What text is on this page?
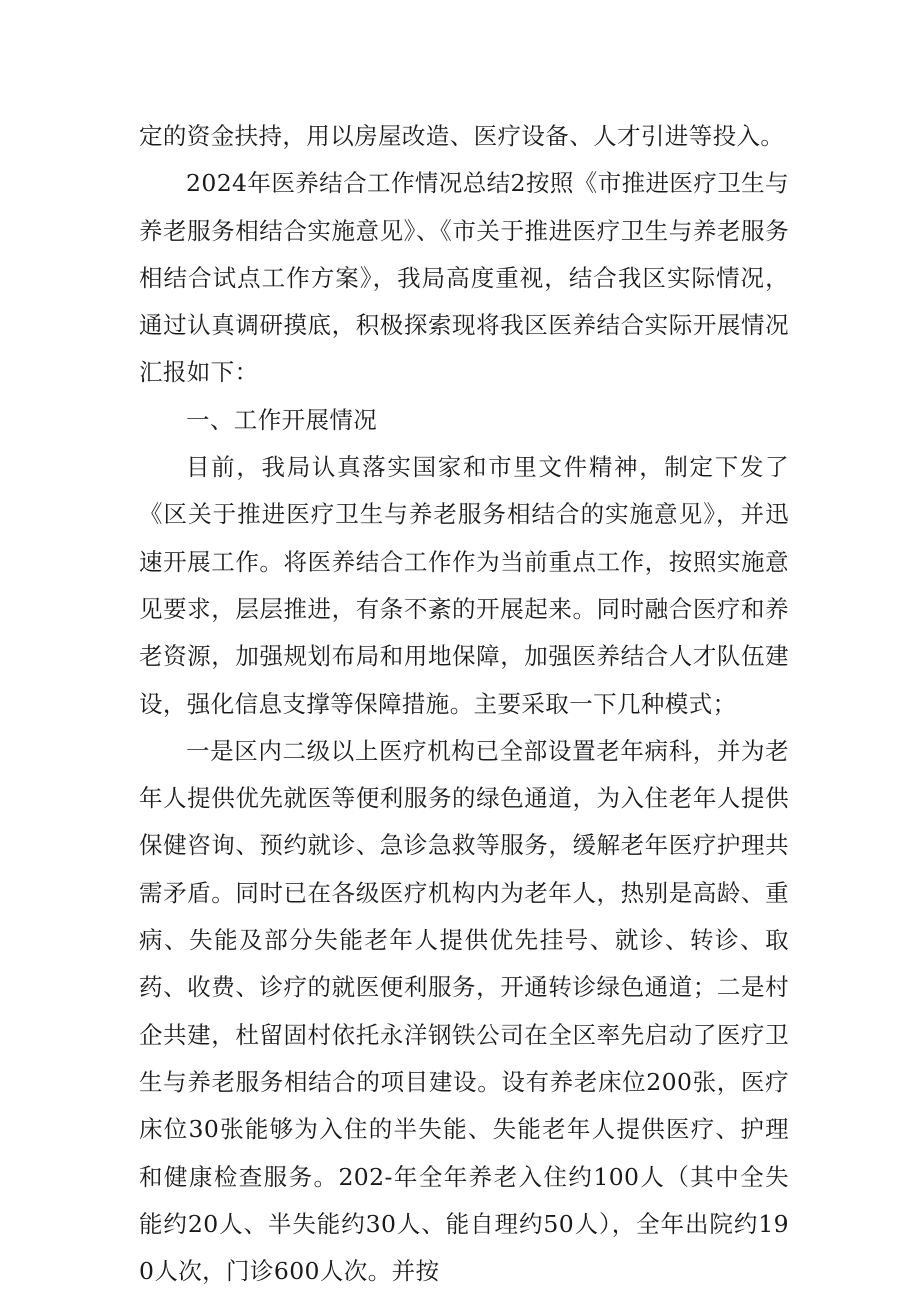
定的资金扶持，用以房屋改造、医疗设备、人才引进等投入。

2024年医养结合工作情况总结2按照《市推进医疗卫生与养老服务相结合实施意见》、《市关于推进医疗卫生与养老服务相结合试点工作方案》，我局高度重视，结合我区实际情况，通过认真调研摸底，积极探索现将我区医养结合实际开展情况汇报如下：

一、工作开展情况

目前，我局认真落实国家和市里文件精神，制定下发了《区关于推进医疗卫生与养老服务相结合的实施意见》，并迅速开展工作。将医养结合工作作为当前重点工作，按照实施意见要求，层层推进，有条不紊的开展起来。同时融合医疗和养老资源，加强规划布局和用地保障，加强医养结合人才队伍建设，强化信息支撑等保障措施。主要采取一下几种模式；

一是区内二级以上医疗机构已全部设置老年病科，并为老年人提供优先就医等便利服务的绿色通道，为入住老年人提供保健咨询、预约就诊、急诊急救等服务，缓解老年医疗护理共需矛盾。同时已在各级医疗机构内为老年人，热别是高龄、重病、失能及部分失能老年人提供优先挂号、就诊、转诊、取药、收费、诊疗的就医便利服务，开通转诊绿色通道；二是村企共建，杜留固村依托永洋钢铁公司在全区率先启动了医疗卫生与养老服务相结合的项目建设。设有养老床位200张，医疗床位30张能够为入住的半失能、失能老年人提供医疗、护理和健康检查服务。202-年全年养老入住约100人（其中全失能约20人、半失能约30人、能自理约50人），全年出院约190人次，门诊600人次。并按
